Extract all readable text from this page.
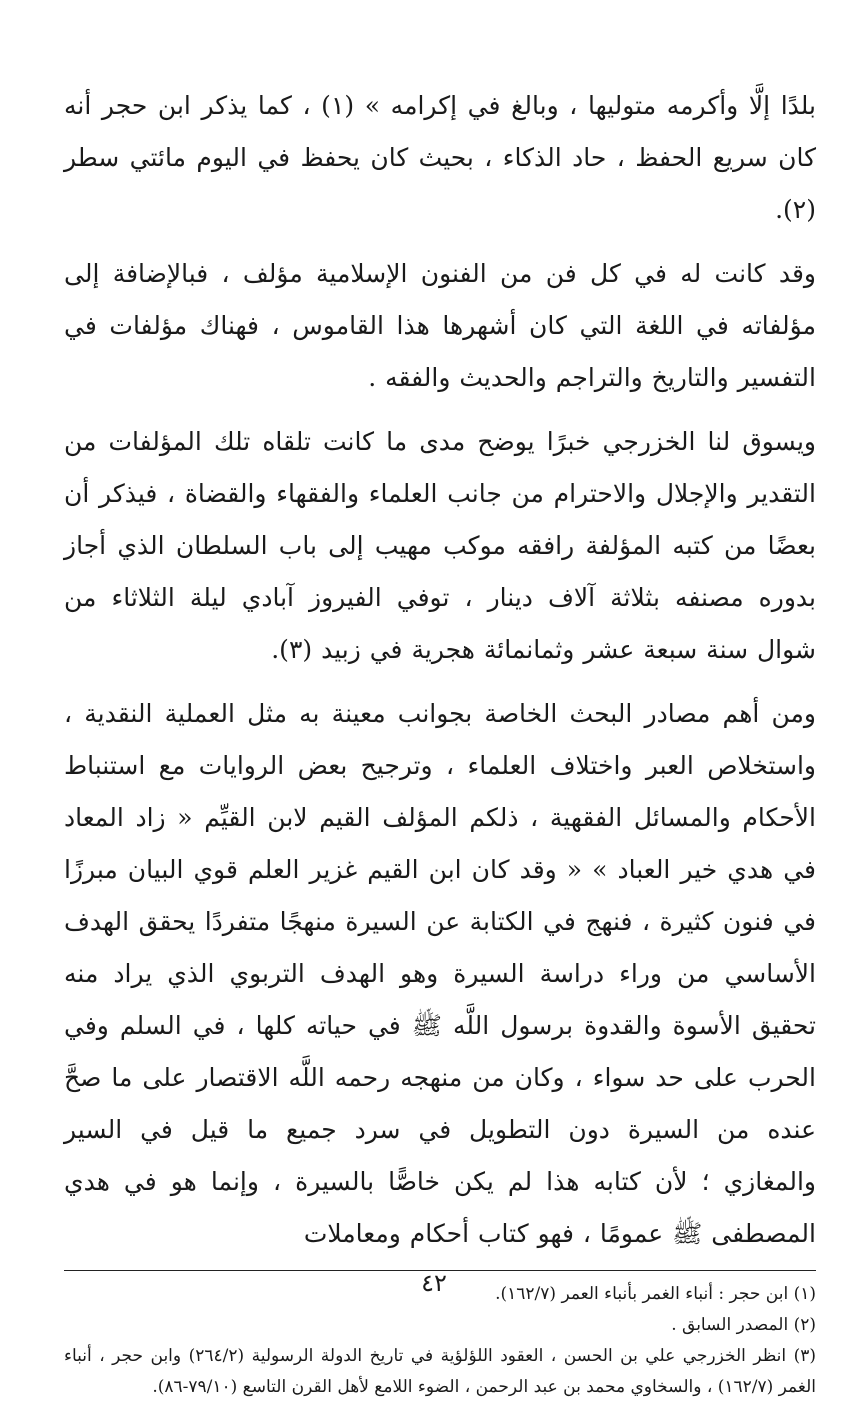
بلدًا إلَّا وأكرمه متوليها ، وبالغ في إكرامه » (١) ، كما يذكر ابن حجر أنه كان سريع الحفظ ، حاد الذكاء ، بحيث كان يحفظ في اليوم مائتي سطر (٢).

وقد كانت له في كل فن من الفنون الإسلامية مؤلف ، فبالإضافة إلى مؤلفاته في اللغة التي كان أشهرها هذا القاموس ، فهناك مؤلفات في التفسير والتاريخ والتراجم والحديث والفقه .

ويسوق لنا الخزرجي خبرًا يوضح مدى ما كانت تلقاه تلك المؤلفات من التقدير والإجلال والاحترام من جانب العلماء والفقهاء والقضاة ، فيذكر أن بعضًا من كتبه المؤلفة رافقه موكب مهيب إلى باب السلطان الذي أجاز بدوره مصنفه بثلاثة آلاف دينار ، توفي الفيروز آبادي ليلة الثلاثاء من شوال سنة سبعة عشر وثمانمائة هجرية في زبيد (٣).

ومن أهم مصادر البحث الخاصة بجوانب معينة به مثل العملية النقدية ، واستخلاص العبر واختلاف العلماء ، وترجيح بعض الروايات مع استنباط الأحكام والمسائل الفقهية ، ذلكم المؤلف القيم لابن القيِّم « زاد المعاد في هدي خير العباد » « وقد كان ابن القيم غزير العلم قوي البيان مبرزًا في فنون كثيرة ، فنهج في الكتابة عن السيرة منهجًا متفردًا يحقق الهدف الأساسي من وراء دراسة السيرة وهو الهدف التربوي الذي يراد منه تحقيق الأسوة والقدوة برسول اللَّه ﷺ في حياته كلها ، في السلم وفي الحرب على حد سواء ، وكان من منهجه رحمه اللَّه الاقتصار على ما صحَّ عنده من السيرة دون التطويل في سرد جميع ما قيل في السير والمغازي ؛ لأن كتابه هذا لم يكن خاصًّا بالسيرة ، وإنما هو في هدي المصطفى ﷺ عمومًا ، فهو كتاب أحكام ومعاملات

(١) ابن حجر : أنباء الغمر بأنباء العمر (١٦٢/٧).

(٢) المصدر السابق .

(٣) انظر الخزرجي علي بن الحسن ، العقود اللؤلؤية في تاريخ الدولة الرسولية (٢٦٤/٢) وابن حجر ، أنباء الغمر (١٦٢/٧) ، والسخاوي محمد بن عبد الرحمن ، الضوء اللامع لأهل القرن التاسع (٧٩/١٠-٨٦).

٤٢
